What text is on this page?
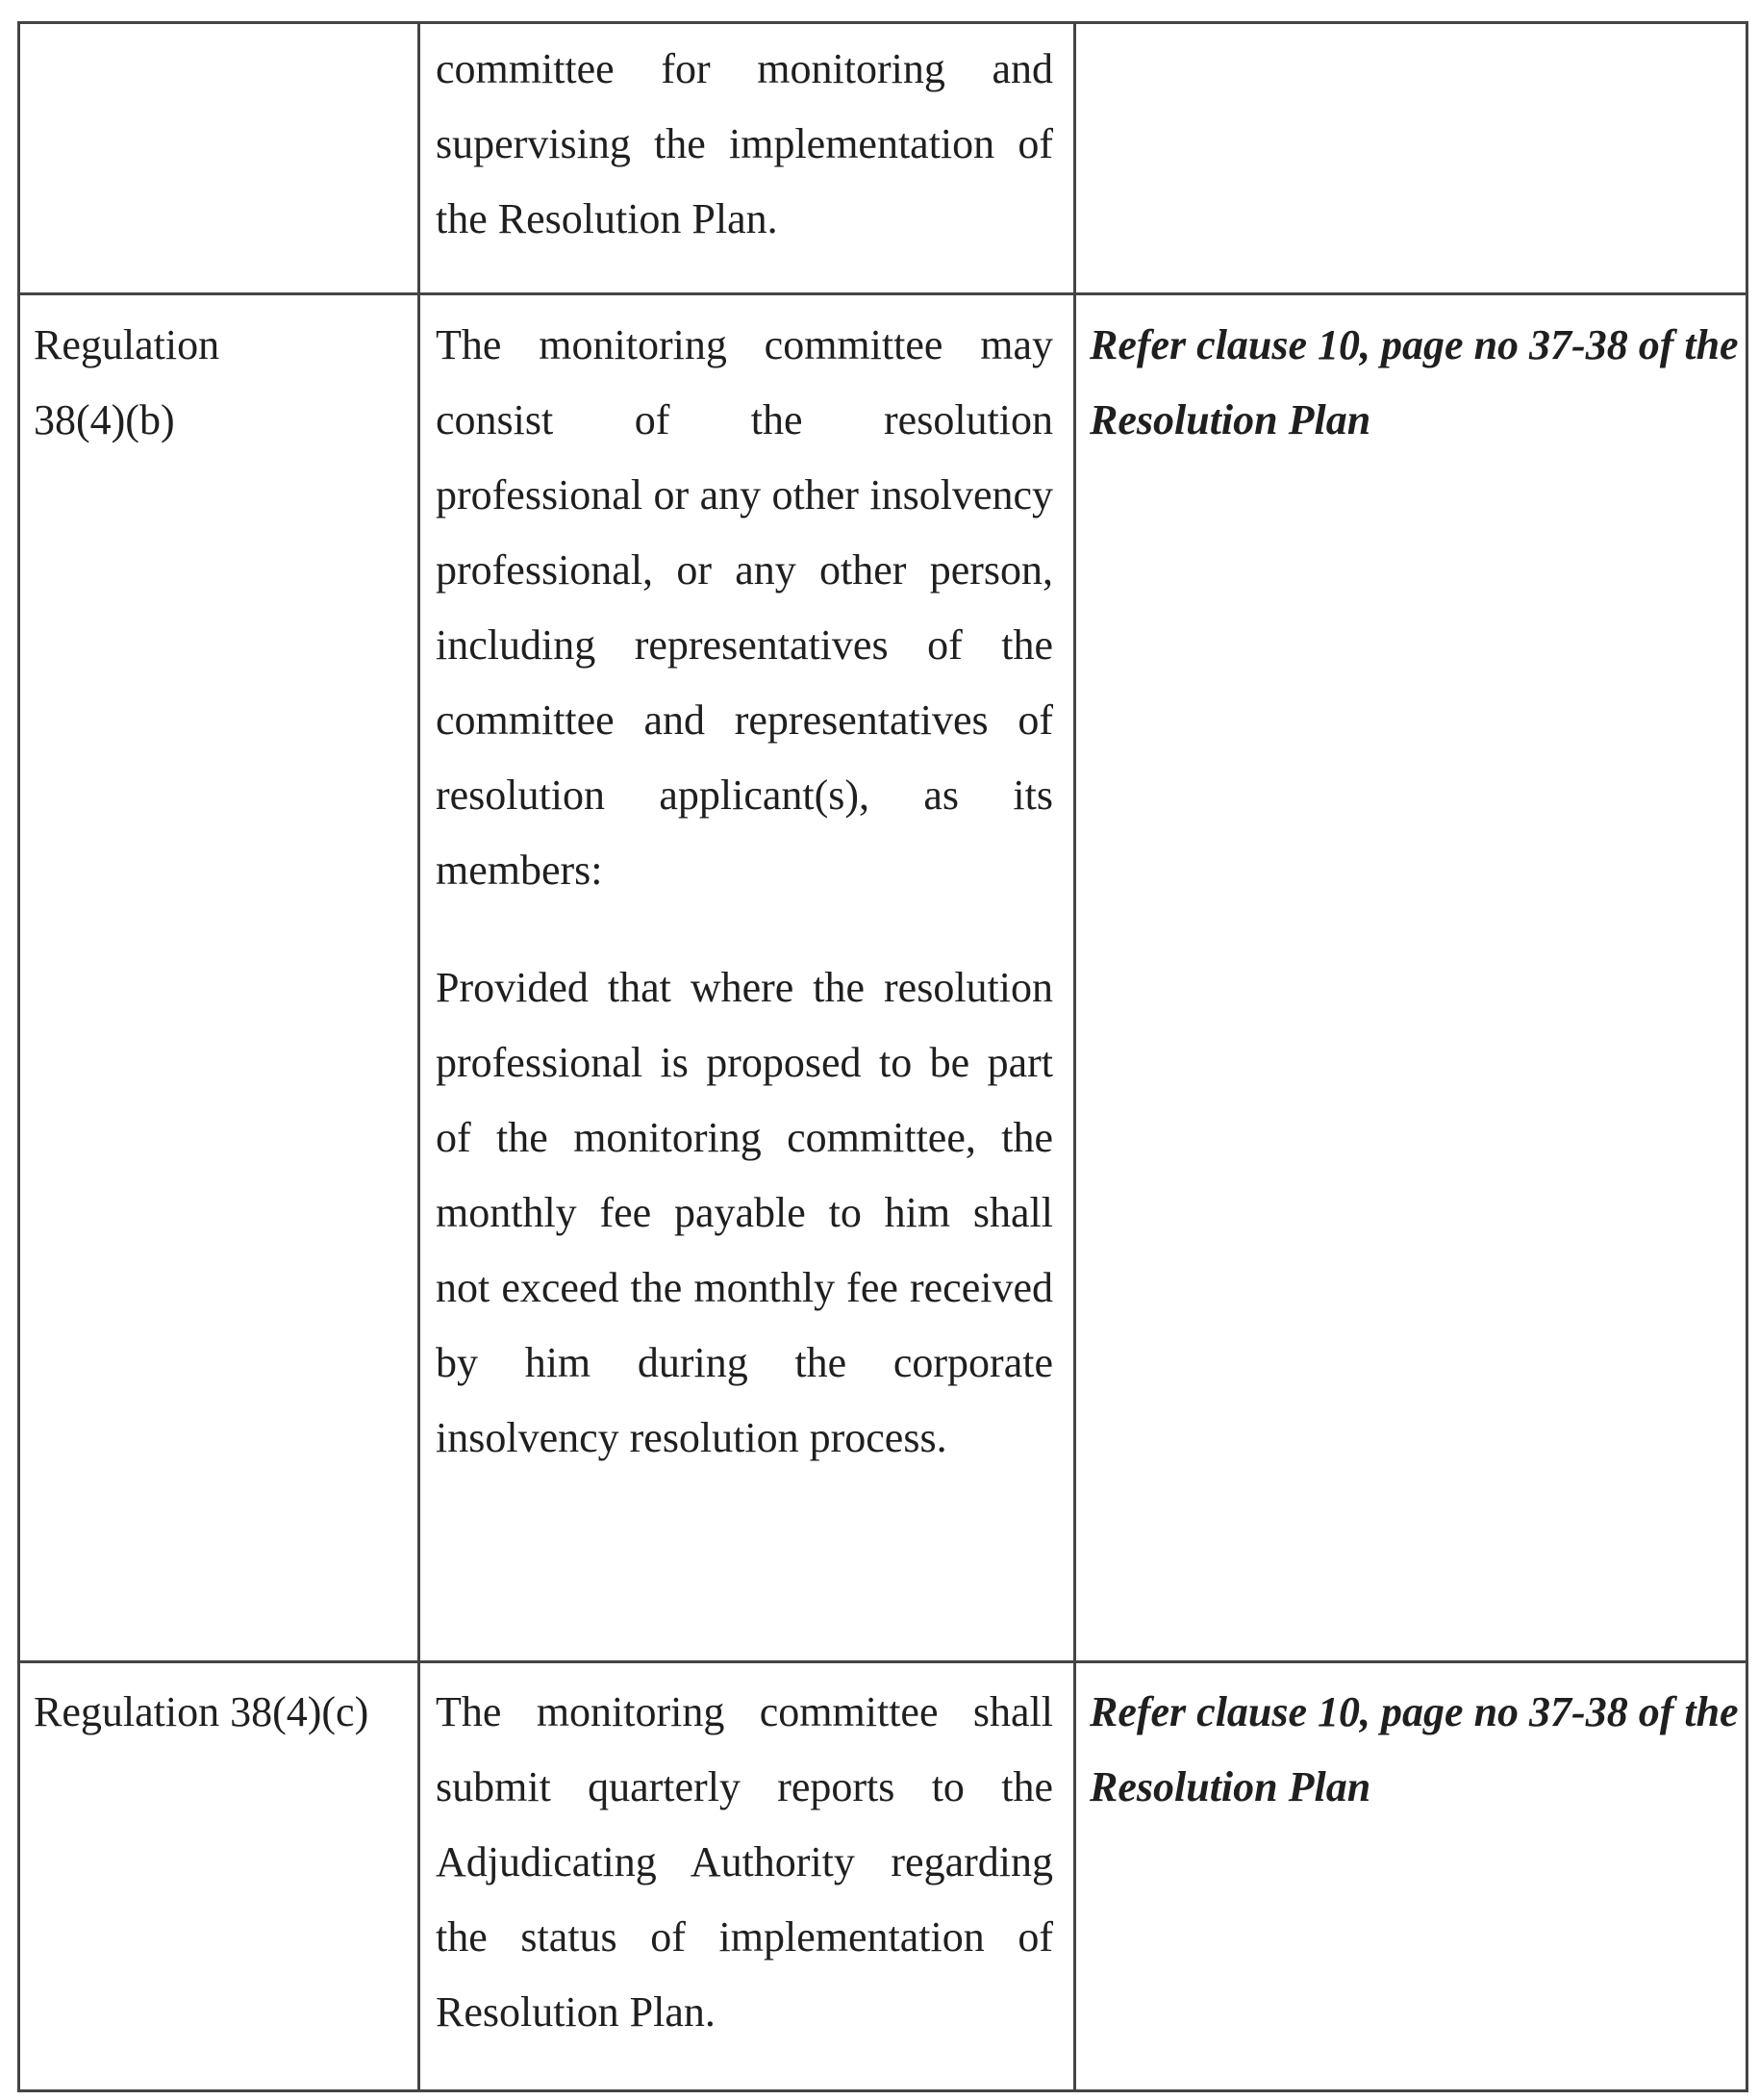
committee for monitoring and supervising the implementation of the Resolution Plan.
Regulation 38(4)(b)
The monitoring committee may consist of the resolution professional or any other insolvency professional, or any other person, including representatives of the committee and representatives of resolution applicant(s), as its members:
Provided that where the resolution professional is proposed to be part of the monitoring committee, the monthly fee payable to him shall not exceed the monthly fee received by him during the corporate insolvency resolution process.
Refer clause 10, page no 37-38 of the Resolution Plan
Regulation 38(4)(c)	The monitoring committee shall submit quarterly reports to the Adjudicating Authority regarding the status of implementation of Resolution Plan.
Refer clause 10, page no 37-38 of the Resolution Plan
